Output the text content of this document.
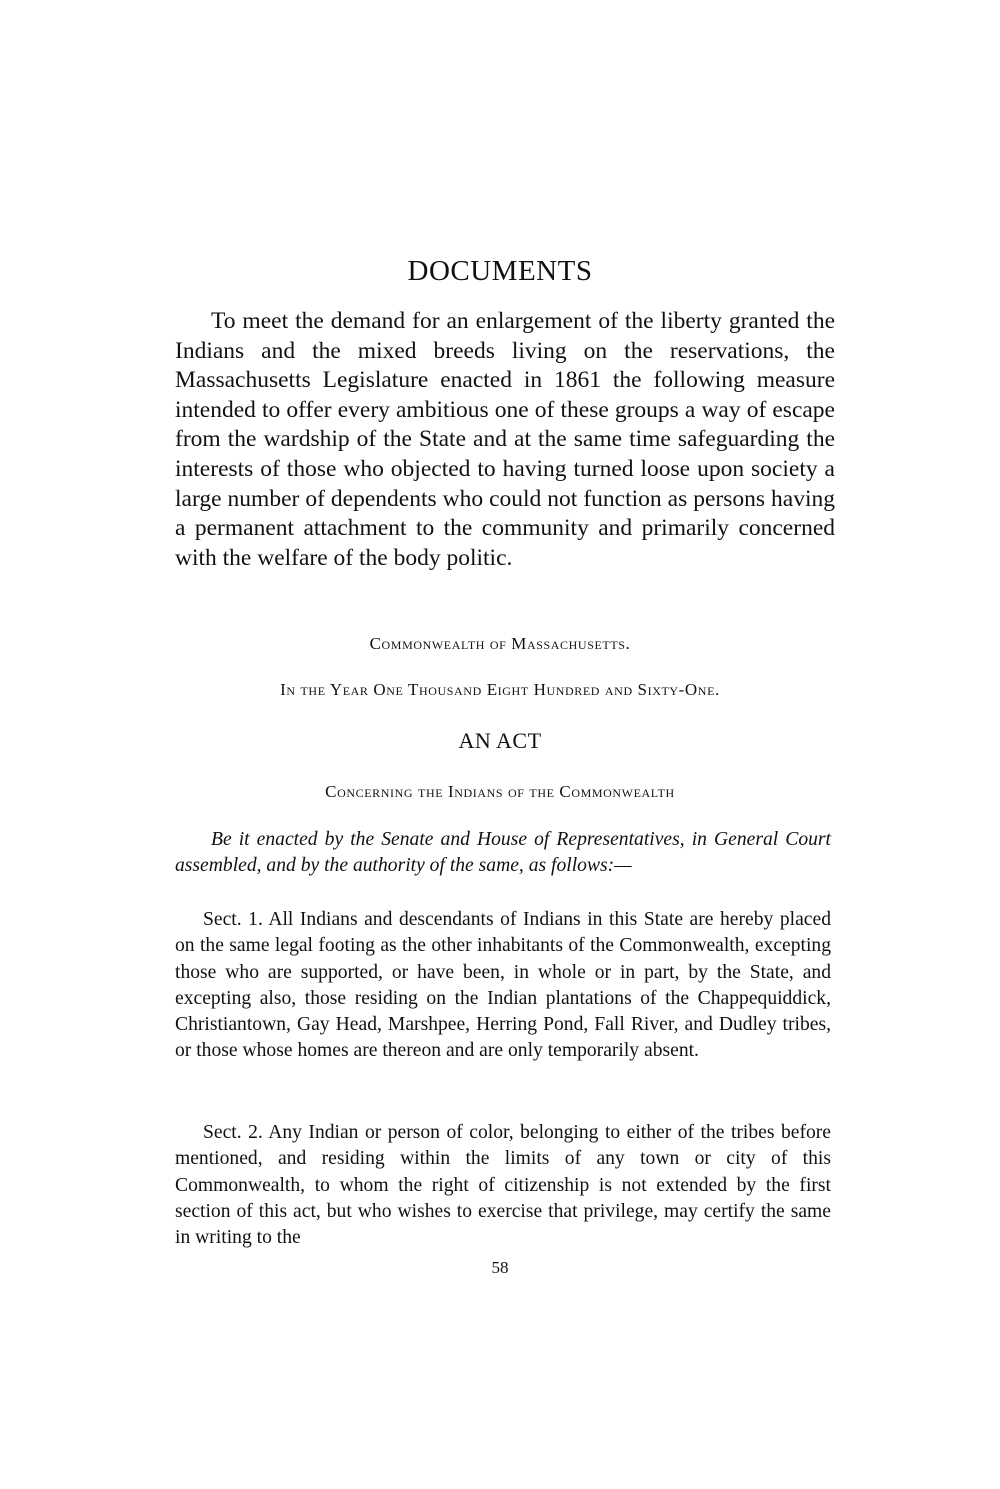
DOCUMENTS

To meet the demand for an enlargement of the liberty granted the Indians and the mixed breeds living on the reservations, the Massachusetts Legislature enacted in 1861 the following measure intended to offer every ambitious one of these groups a way of escape from the wardship of the State and at the same time safeguarding the interests of those who objected to having turned loose upon society a large number of dependents who could not function as persons having a permanent attachment to the community and primarily concerned with the welfare of the body politic.

Commonwealth of Massachusetts.
In the Year One Thousand Eight Hundred and Sixty-One.
AN ACT
Concerning the Indians of the Commonwealth

Be it enacted by the Senate and House of Representatives, in General Court assembled, and by the authority of the same, as follows:—

Sect. 1. All Indians and descendants of Indians in this State are hereby placed on the same legal footing as the other inhabitants of the Commonwealth, excepting those who are supported, or have been, in whole or in part, by the State, and excepting also, those residing on the Indian plantations of the Chappequiddick, Christiantown, Gay Head, Marshpee, Herring Pond, Fall River, and Dudley tribes, or those whose homes are thereon and are only temporarily absent.

Sect. 2. Any Indian or person of color, belonging to either of the tribes before mentioned, and residing within the limits of any town or city of this Commonwealth, to whom the right of citizenship is not extended by the first section of this act, but who wishes to exercise that privilege, may certify the same in writing to the

58
